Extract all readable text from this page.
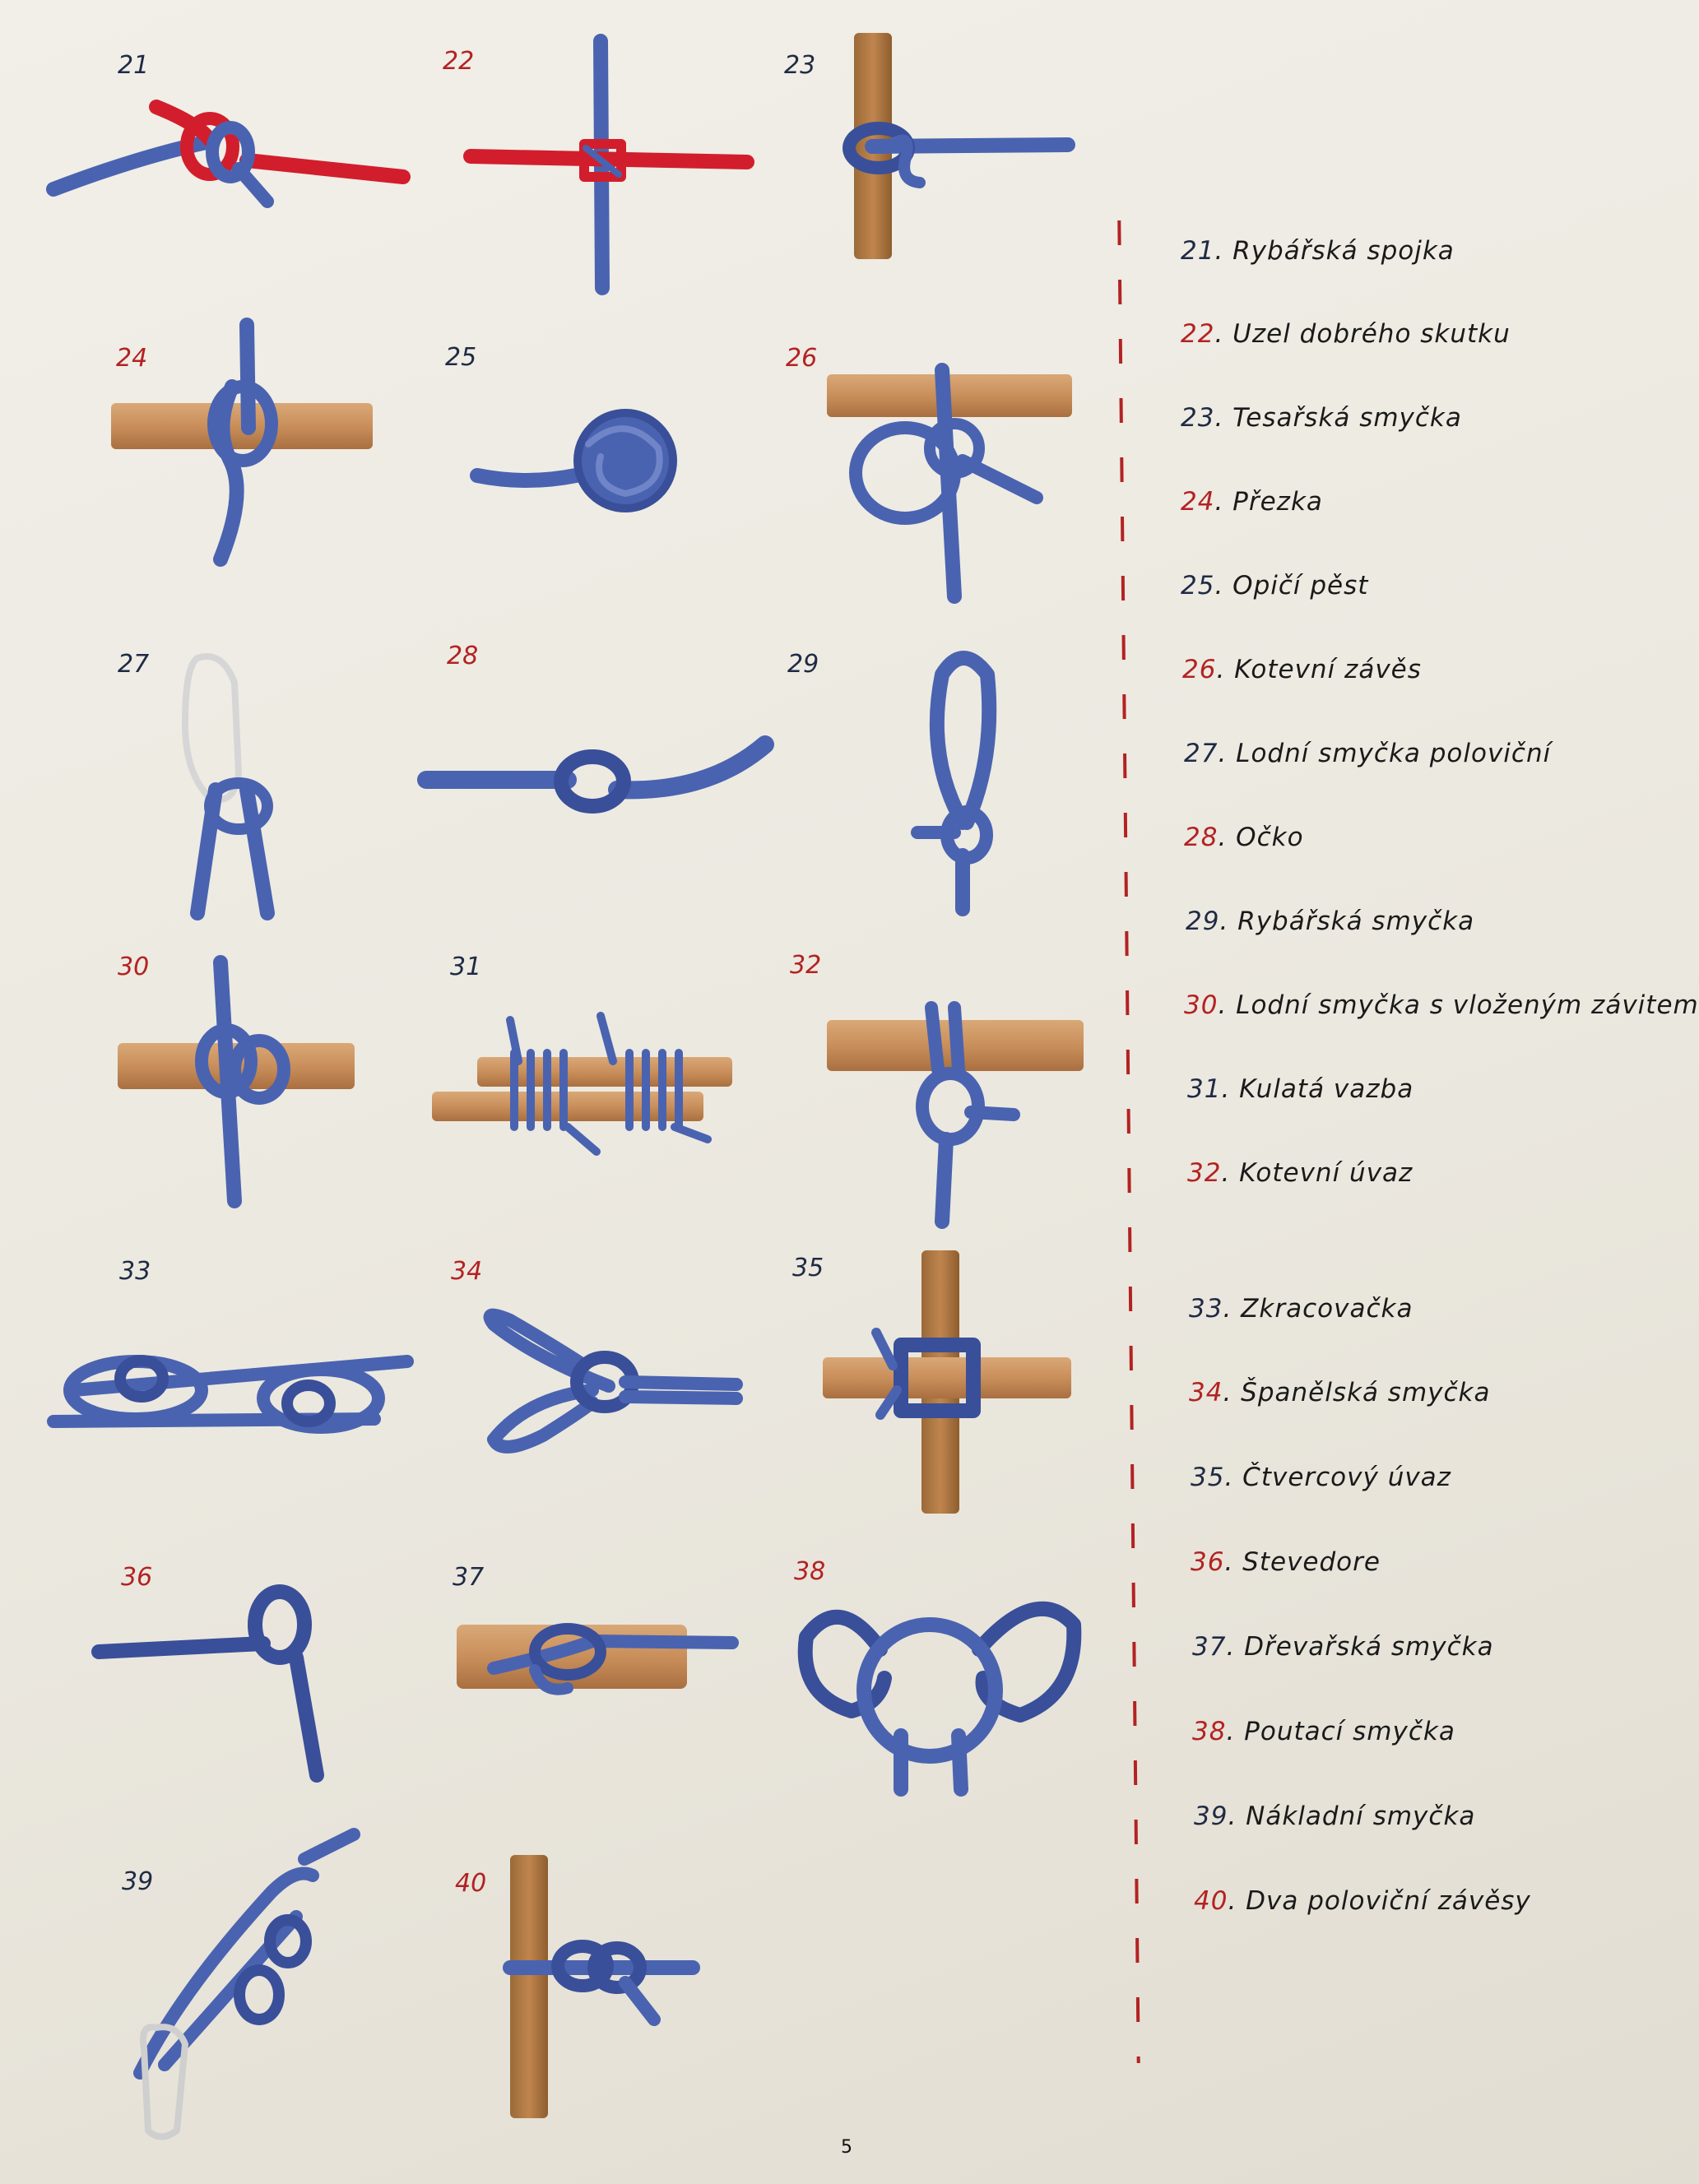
21	22	23
24	25	26
27	28	29
30	31	32
33	34	35
36	37	38
39	40
21. Rybářská spojka
22. Uzel dobrého skutku
23. Tesařská smyčka
24. Přezka
25. Opičí pěst
26. Kotevní závěs
27. Lodní smyčka poloviční
28. Očko
29. Rybářská smyčka
30. Lodní smyčka s vloženým závitem
31. Kulatá vazba
32. Kotevní úvaz
33. Zkracovačka
34. Španělská smyčka
35. Čtvercový úvaz
36. Stevedore
37. Dřevařská smyčka
38. Poutací smyčka
39. Nákladní smyčka
40. Dva poloviční závěsy
5
